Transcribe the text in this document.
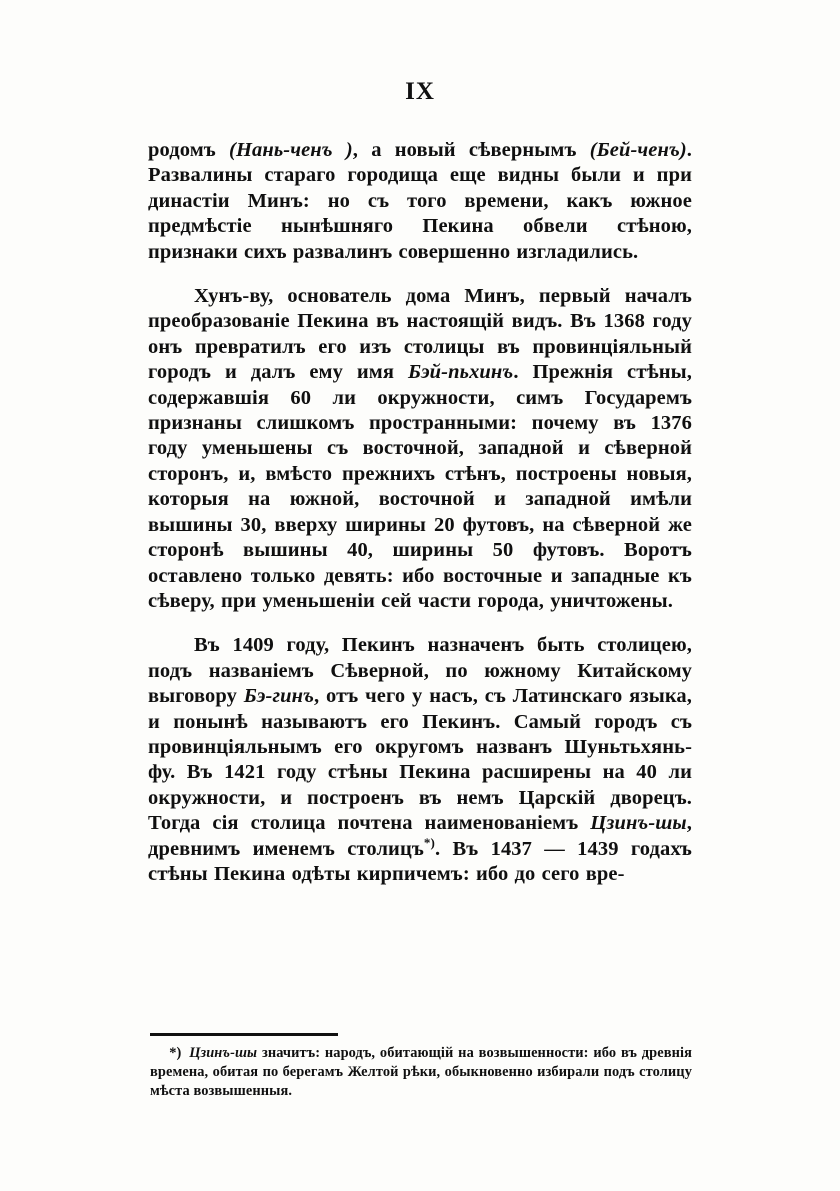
IX

родомъ (Нань-ченъ ), а новый сѣвернымъ (Бей-ченъ). Развалины стараго городища еще видны были и при династіи Минъ: но съ того времени, какъ южное предмѣстіе нынѣшняго Пекина обвели стѣною, признаки сихъ развалинъ совершенно изгладились.

Хунъ-ву, основатель дома Минъ, первый началъ преобразованіе Пекина въ настоящій видъ. Въ 1368 году онъ превратилъ его изъ столицы въ провинціяльный городъ и далъ ему имя Бэй-пьхинъ. Прежнія стѣны, содержавшія 60 ли окружности, симъ Государемъ признаны слишкомъ пространными: почему въ 1376 году уменьшены съ восточной, западной и сѣверной сторонъ, и, вмѣсто прежнихъ стѣнъ, построены новыя, которыя на южной, восточной и западной имѣли вышины 30, вверху ширины 20 футовъ, на сѣверной же сторонѣ вышины 40, ширины 50 футовъ. Воротъ оставлено только девять: ибо восточные и западные къ сѣверу, при уменьшеніи сей части города, уничтожены.

Въ 1409 году, Пекинъ назначенъ быть столицею, подъ названіемъ Сѣверной, по южному Китайскому выговору Бэ-гинъ, отъ чего у насъ, съ Латинскаго языка, и понынѣ называютъ его Пекинъ. Самый городъ съ провинціяльнымъ его округомъ названъ Шуньтьхянь-фу. Въ 1421 году стѣны Пекина расширены на 40 ли окружности, и построенъ въ немъ Царскій дворецъ. Тогда сія столица почтена наименованіемъ Цзинъ-шы, древнимъ именемъ столицъ*). Въ 1437 — 1439 годахъ стѣны Пекина одѣты кирпичемъ: ибо до сего вре-

*) Цзинъ-шы значитъ: народъ, обитающій на возвышенности: ибо въ древнія времена, обитая по берегамъ Желтой рѣки, обыкновенно избирали подъ столицу мѣста возвышенныя.
